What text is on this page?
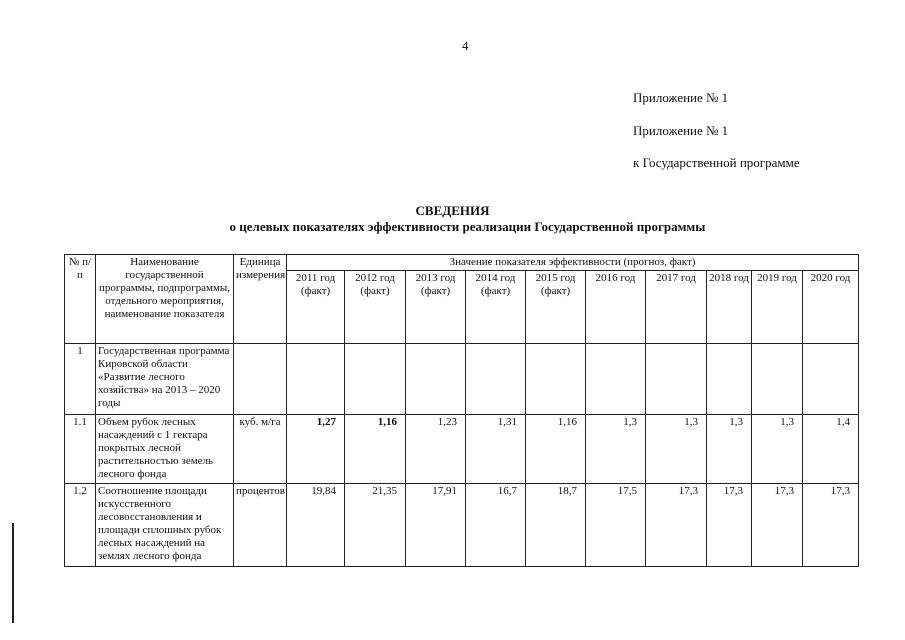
4
Приложение № 1
Приложение № 1
к Государственной программе
СВЕДЕНИЯ
о целевых показателях эффективности реализации Государственной программы
№ п/п	Наименование государственной программы, подпрограммы, отдельного мероприятия, наименование показателя	Единица измерения	Значение показателя эффективности (прогноз, факт)									
			2011 год (факт)	2012 год (факт)	2013 год (факт)	2014 год (факт)	2015 год (факт)	2016 год	2017 год	2018 год	2019 год	2020 год
1	Государственная программа Кировской области «Развитие лесного хозяйства» на 2013 – 2020 годы											
1.1	Объем рубок лесных насаждений с 1 гектара покрытых лесной растительностью земель лесного фонда	куб. м/га	1,27	1,16	1,23	1,31	1,16	1,3	1,3	1,3	1,3	1,4
1.2	Соотношение площади искусственного лесовосстановления и площади сплошных рубок лесных насаждений на землях лесного фонда	процентов	19,84	21,35	17,91	16,7	18,7	17,5	17,3	17,3	17,3	17,3
